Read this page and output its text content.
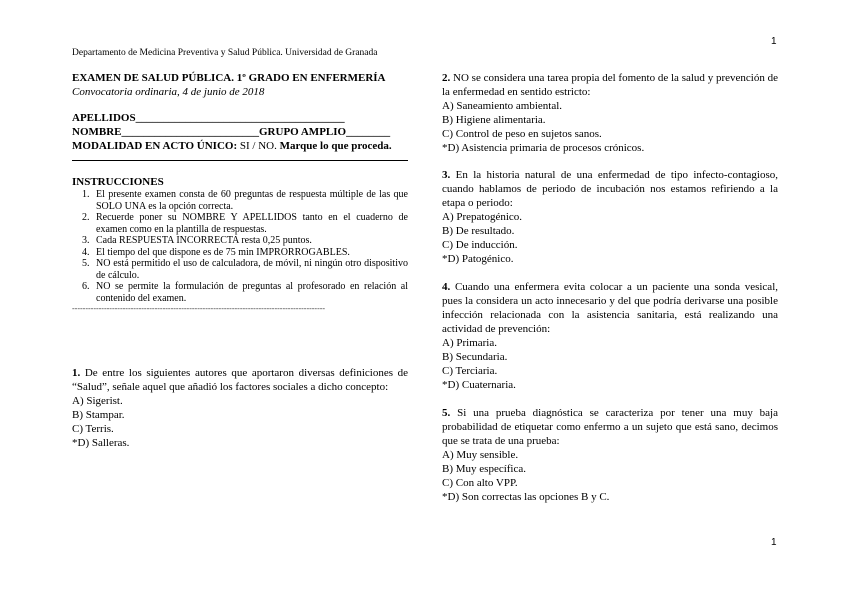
1
1
Departamento de Medicina Preventiva y Salud Pública. Universidad de Granada

EXAMEN DE SALUD PÚBLICA. 1º GRADO EN ENFERMERÍA

Convocatoria ordinaria, 4 de junio de 2018

APELLIDOS______________________________________

NOMBRE_________________________GRUPO AMPLIO________

MODALIDAD EN ACTO ÚNICO: SI / NO. Marque lo que proceda.

INSTRUCCIONES

1. El presente examen consta de 60 preguntas de respuesta múltiple de las que SOLO UNA es la opción correcta.
2. Recuerde poner su NOMBRE Y APELLIDOS tanto en el cuaderno de examen como en la plantilla de respuestas.
3. Cada RESPUESTA INCORRECTA resta 0,25 puntos.
4. El tiempo del que dispone es de 75 min IMPRORROGABLES.
5. NO está permitido el uso de calculadora, de móvil, ni ningún otro dispositivo de cálculo.
6. NO se permite la formulación de preguntas al profesorado en relación al contenido del examen.
-----------------------------------------------------------------------------------------------

1. De entre los siguientes autores que aportaron diversas definiciones de “Salud”, señale aquel que añadió los factores sociales a dicho concepto:

A) Sigerist.

B) Stampar.

C) Terris.

*D) Salleras.

2. NO se considera una tarea propia del fomento de la salud y prevención de la enfermedad en sentido estricto:

A) Saneamiento ambiental.

B) Higiene alimentaria.

C) Control de peso en sujetos sanos.

*D) Asistencia primaria de procesos crónicos.

3. En la historia natural de una enfermedad de tipo infecto-contagioso, cuando hablamos de periodo de incubación nos estamos refiriendo a la etapa o periodo:

A) Prepatogénico.

B) De resultado.

C) De inducción.

*D) Patogénico.

4. Cuando una enfermera evita colocar a un paciente una sonda vesical, pues la considera un acto innecesario y del que podría derivarse una posible infección relacionada con la asistencia sanitaria, está realizando una actividad de prevención:

A) Primaria.

B) Secundaria.

C) Terciaria.

*D) Cuaternaria.

5. Si una prueba diagnóstica se caracteriza por tener una muy baja probabilidad de etiquetar como enfermo a un sujeto que está sano, decimos que se trata de una prueba:

A) Muy sensible.

B) Muy específica.

C) Con alto VPP.

*D) Son correctas las opciones B y C.
